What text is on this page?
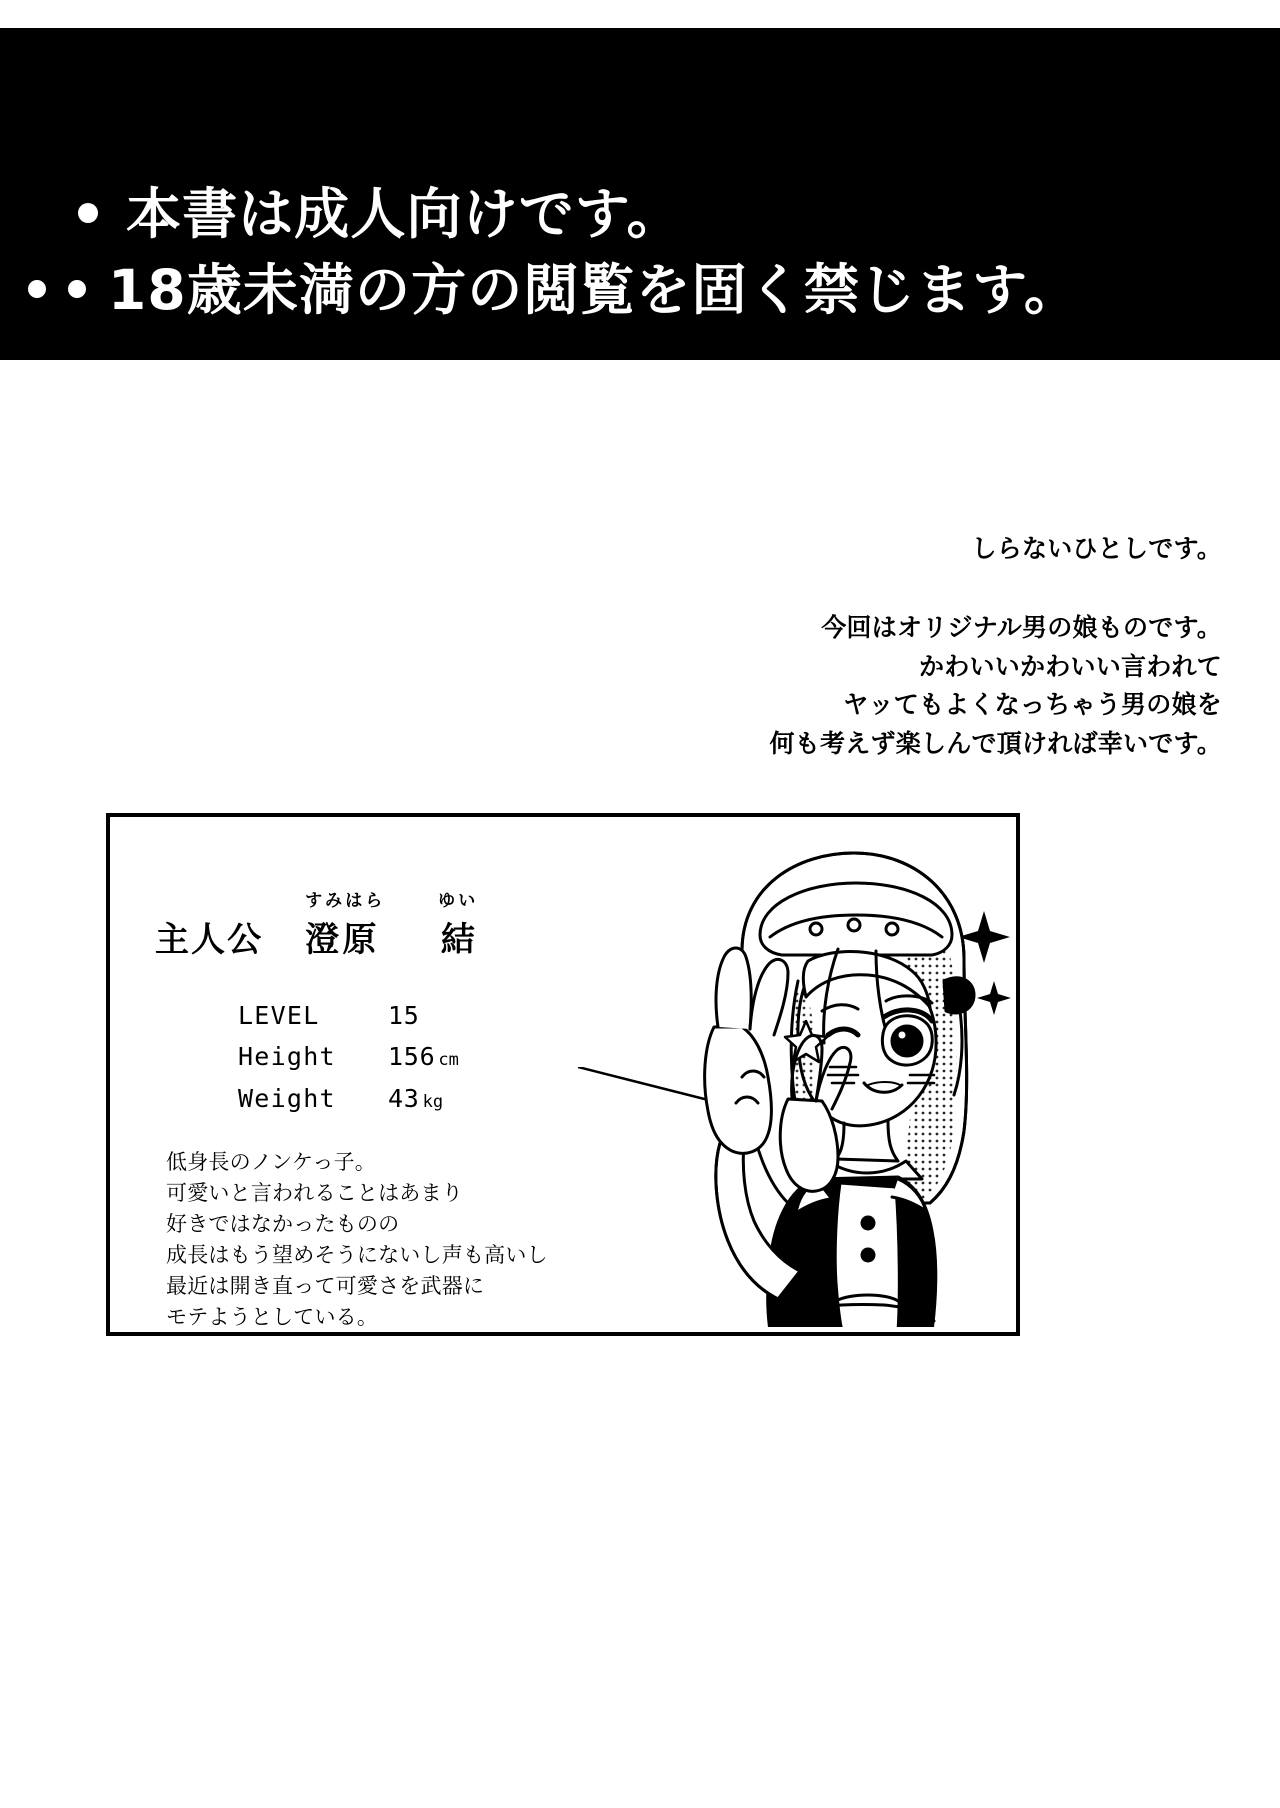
本書は成人向けです。
18歳未満の方の閲覧を固く禁じます。
しらないひとしです。
今回はオリジナル男の娘ものです。
かわいいかわいい言われて
ヤッてもよくなっちゃう男の娘を
何も考えず楽しんで頂ければ幸いです。
主人公
すみはら	ゆい
澄原 結
LEVEL	15
Height	156 cm
Weight	43 kg
低身長のノンケっ子。
可愛いと言われることはあまり
好きではなかったものの
成長はもう望めそうにないし声も高いし
最近は開き直って可愛さを武器に
モテようとしている。
